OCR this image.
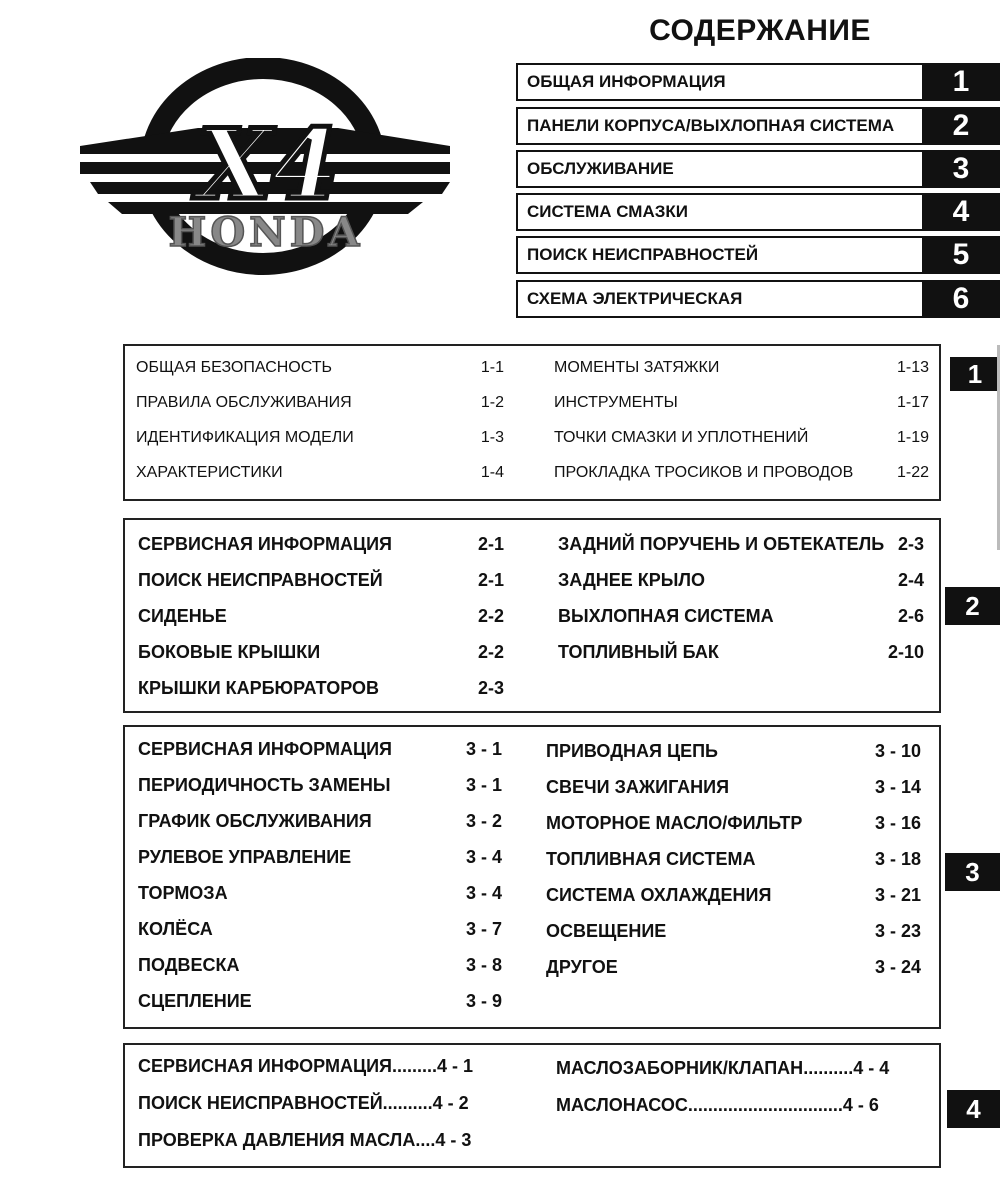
X4
HONDA
СОДЕРЖАНИЕ
ОБЩАЯ ИНФОРМАЦИЯ	1
ПАНЕЛИ КОРПУСА/ВЫХЛОПНАЯ СИСТЕМА	2
ОБСЛУЖИВАНИЕ	3
СИСТЕМА СМАЗКИ	4
ПОИСК НЕИСПРАВНОСТЕЙ	5
СХЕМА ЭЛЕКТРИЧЕСКАЯ	6
1
ОБЩАЯ БЕЗОПАСНОСТЬ	1-1
ПРАВИЛА ОБСЛУЖИВАНИЯ	1-2
ИДЕНТИФИКАЦИЯ МОДЕЛИ	1-3
ХАРАКТЕРИСТИКИ	1-4
МОМЕНТЫ ЗАТЯЖКИ	1-13
ИНСТРУМЕНТЫ	1-17
ТОЧКИ СМАЗКИ И УПЛОТНЕНИЙ	1-19
ПРОКЛАДКА ТРОСИКОВ И ПРОВОДОВ	1-22
2
СЕРВИСНАЯ ИНФОРМАЦИЯ	2-1
ПОИСК НЕИСПРАВНОСТЕЙ	2-1
СИДЕНЬЕ	2-2
БОКОВЫЕ КРЫШКИ	2-2
КРЫШКИ КАРБЮРАТОРОВ	2-3
ЗАДНИЙ ПОРУЧЕНЬ И ОБТЕКАТЕЛЬ 2-3
ЗАДНЕЕ КРЫЛО	2-4
ВЫХЛОПНАЯ СИСТЕМА	2-6
ТОПЛИВНЫЙ БАК	2-10
3
СЕРВИСНАЯ ИНФОРМАЦИЯ	3 - 1
ПЕРИОДИЧНОСТЬ ЗАМЕНЫ	3 - 1
ГРАФИК ОБСЛУЖИВАНИЯ	3 - 2
РУЛЕВОЕ УПРАВЛЕНИЕ	3 - 4
ТОРМОЗА	3 - 4
КОЛЁСА	3 - 7
ПОДВЕСКА	3 - 8
СЦЕПЛЕНИЕ	3 - 9
ПРИВОДНАЯ ЦЕПЬ	3 - 10
СВЕЧИ ЗАЖИГАНИЯ	3 - 14
МОТОРНОЕ МАСЛО/ФИЛЬТР	3 - 16
ТОПЛИВНАЯ СИСТЕМА	3 - 18
СИСТЕМА ОХЛАЖДЕНИЯ	3 - 21
ОСВЕЩЕНИЕ	3 - 23
ДРУГОЕ	3 - 24
4
СЕРВИСНАЯ ИНФОРМАЦИЯ ......... 4 - 1
ПОИСК НЕИСПРАВНОСТЕЙ .......... 4 - 2
ПРОВЕРКА ДАВЛЕНИЯ МАСЛА .... 4 - 3
МАСЛОЗАБОРНИК/КЛАПАН .......... 4 - 4
МАСЛОНАСОС ............................... 4 - 6
